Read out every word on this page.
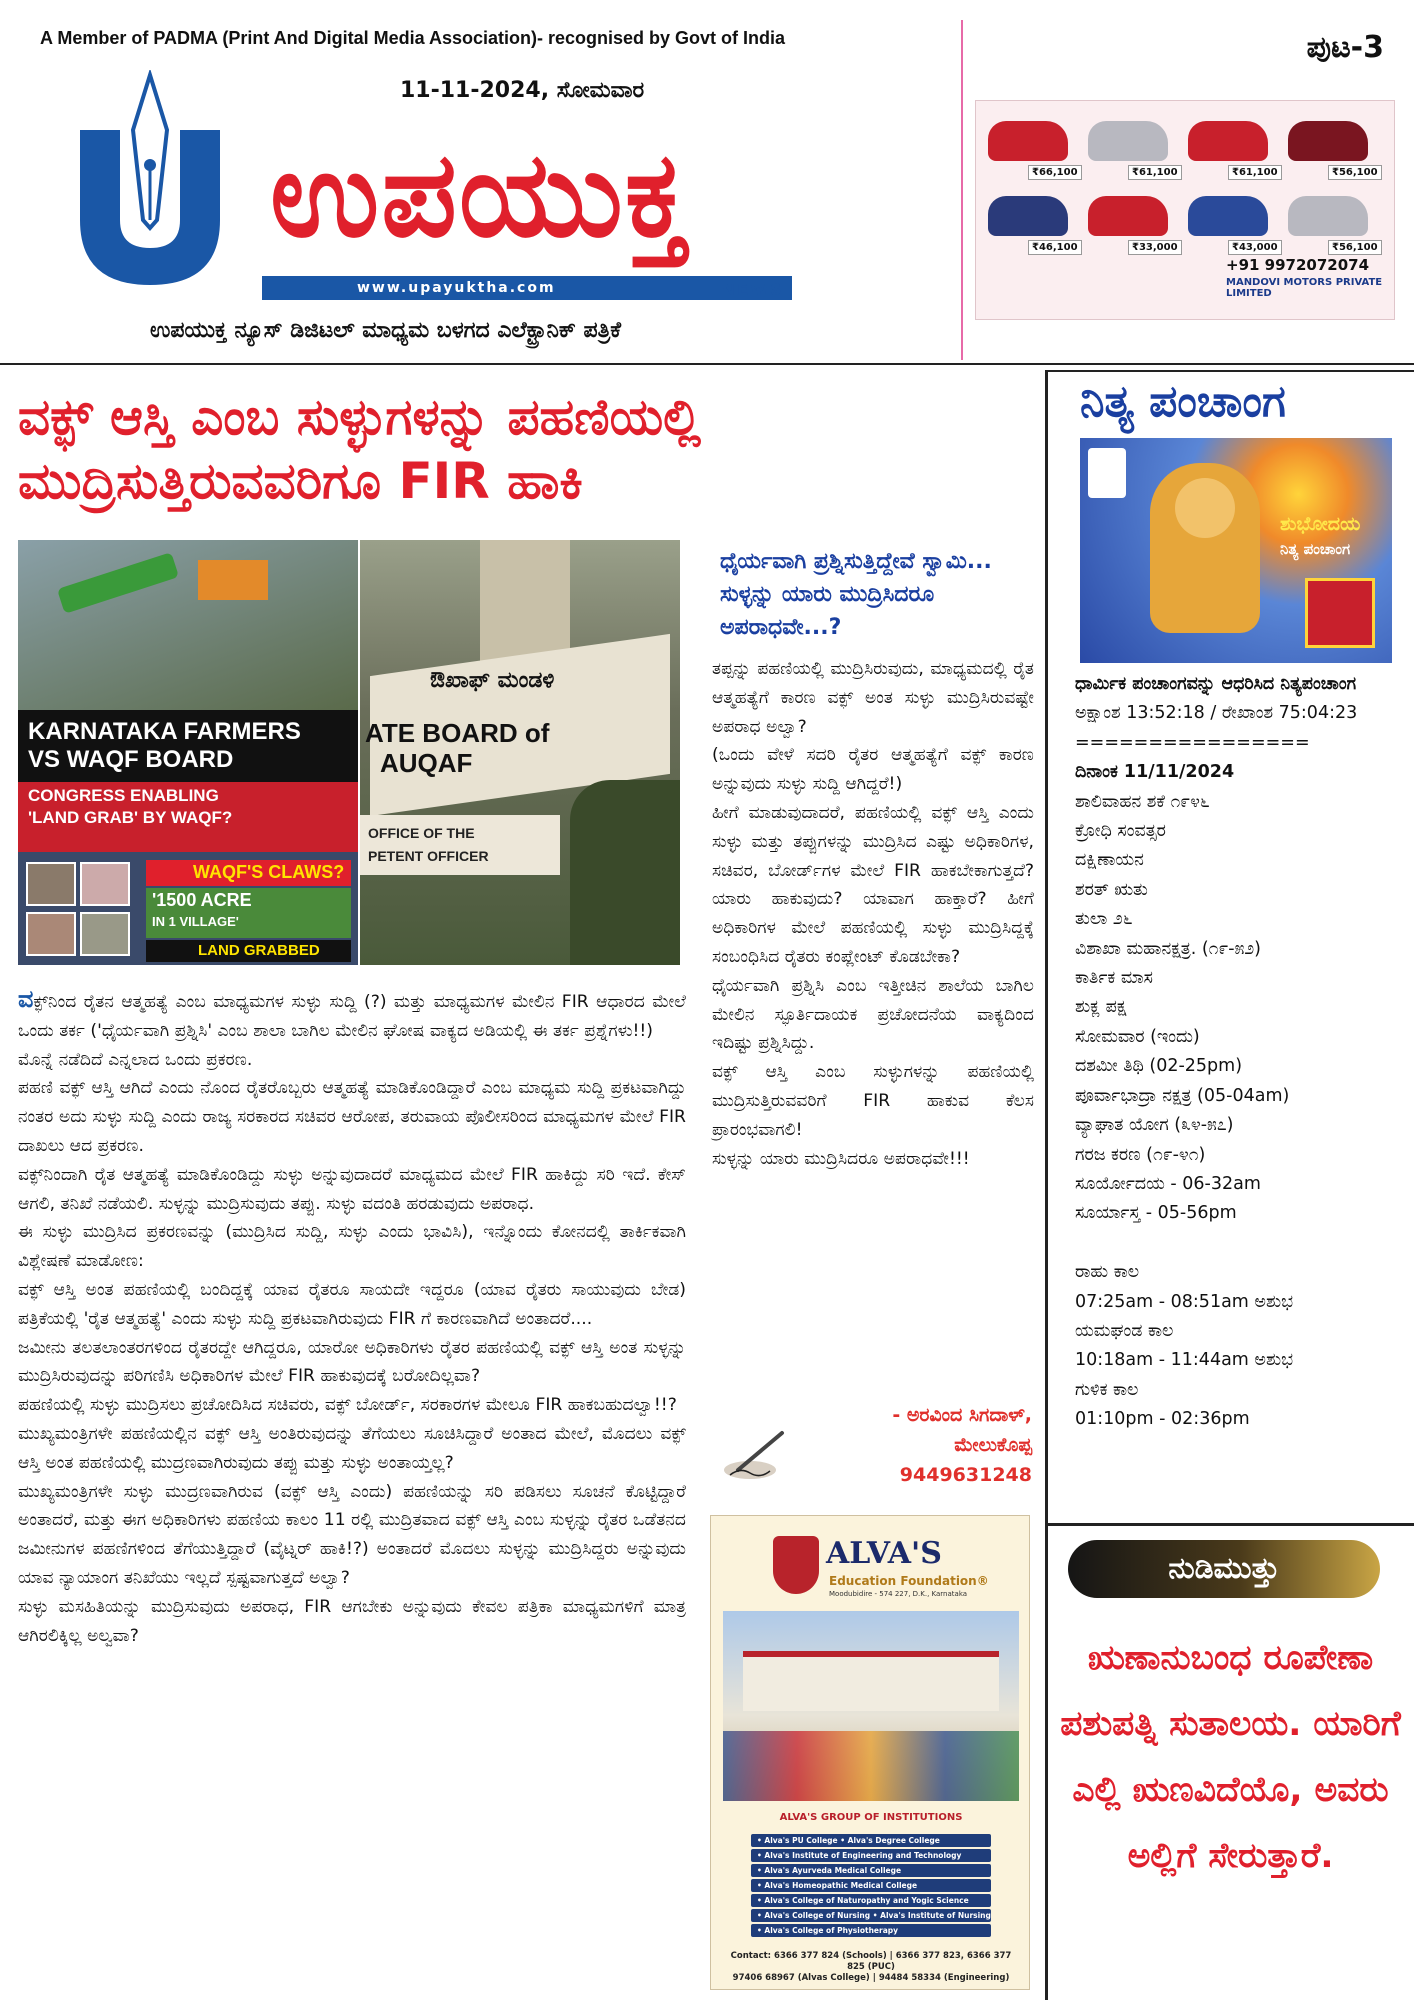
A Member of PADMA (Print And Digital Media Association)- recognised by Govt of India
11-11-2024, ಸೋಮವಾರ
ಪುಟ-3
ಉಪಯುಕ್ತ
www.upayuktha.com	NEWS
ಉಪಯುಕ್ತ ನ್ಯೂಸ್ ಡಿಜಿಟಲ್ ಮಾಧ್ಯಮ ಬಳಗದ ಎಲೆಕ್ಟ್ರಾನಿಕ್ ಪತ್ರಿಕೆ
₹66,100	₹61,100	₹61,100	₹56,100
₹46,100	₹33,000	₹43,000	₹56,100
+91 9972072074
MANDOVI MOTORS PRIVATE LIMITED
ವಕ್ಫ್ ಆಸ್ತಿ ಎಂಬ ಸುಳ್ಳುಗಳನ್ನು ಪಹಣಿಯಲ್ಲಿ
ಮುದ್ರಿಸುತ್ತಿರುವವರಿಗೂ FIR ಹಾಕಿ
KARNATAKA FARMERS
VS WAQF BOARD
CONGRESS ENABLING
'LAND GRAB' BY WAQF?
WAQF'S CLAWS?
'1500 ACRE
IN 1 VILLAGE'
LAND GRABBED
ಔಖಾಫ್ ಮಂಡಳಿ
ATE BOARD of
AUQAF
OFFICE OF THE
PETENT OFFICER

ವಕ್ಫ್‌ನಿಂದ ರೈತನ ಆತ್ಮಹತ್ಯೆ ಎಂಬ ಮಾಧ್ಯಮಗಳ ಸುಳ್ಳು ಸುದ್ದಿ (?) ಮತ್ತು ಮಾಧ್ಯಮಗಳ ಮೇಲಿನ FIR ಆಧಾರದ ಮೇಲೆ ಒಂದು ತರ್ಕ ('ಧೈರ್ಯವಾಗಿ ಪ್ರಶ್ನಿಸಿ' ಎಂಬ ಶಾಲಾ ಬಾಗಿಲ ಮೇಲಿನ ಘೋಷ ವಾಕ್ಯದ ಅಡಿಯಲ್ಲಿ ಈ ತರ್ಕ ಪ್ರಶ್ನೆಗಳು!!)

ಮೊನ್ನೆ ನಡೆದಿದೆ ಎನ್ನಲಾದ ಒಂದು ಪ್ರಕರಣ.

ಪಹಣಿ ವಕ್ಫ್ ಆಸ್ತಿ ಆಗಿದೆ ಎಂದು ನೊಂದ ರೈತರೊಬ್ಬರು ಆತ್ಮಹತ್ಯೆ ಮಾಡಿಕೊಂಡಿದ್ದಾರೆ ಎಂಬ ಮಾಧ್ಯಮ ಸುದ್ದಿ ಪ್ರಕಟವಾಗಿದ್ದು ನಂತರ ಅದು ಸುಳ್ಳು ಸುದ್ದಿ ಎಂದು ರಾಜ್ಯ ಸರಕಾರದ ಸಚಿವರ ಆರೋಪ, ತರುವಾಯ ಪೊಲೀಸರಿಂದ ಮಾಧ್ಯಮಗಳ ಮೇಲೆ FIR ದಾಖಲು ಆದ ಪ್ರಕರಣ.

ವಕ್ಫ್‌ನಿಂದಾಗಿ ರೈತ ಆತ್ಮಹತ್ಯೆ ಮಾಡಿಕೊಂಡಿದ್ದು ಸುಳ್ಳು ಅನ್ನುವುದಾದರೆ ಮಾಧ್ಯಮದ ಮೇಲೆ FIR ಹಾಕಿದ್ದು ಸರಿ ಇದೆ. ಕೇಸ್ ಆಗಲಿ, ತನಿಖೆ ನಡೆಯಲಿ. ಸುಳ್ಳನ್ನು ಮುದ್ರಿಸುವುದು ತಪ್ಪು. ಸುಳ್ಳು ವದಂತಿ ಹರಡುವುದು ಅಪರಾಧ.

ಈ ಸುಳ್ಳು ಮುದ್ರಿಸಿದ ಪ್ರಕರಣವನ್ನು (ಮುದ್ರಿಸಿದ ಸುದ್ದಿ, ಸುಳ್ಳು ಎಂದು ಭಾವಿಸಿ), ಇನ್ನೊಂದು ಕೋನದಲ್ಲಿ ತಾರ್ಕಿಕವಾಗಿ ವಿಶ್ಲೇಷಣೆ ಮಾಡೋಣ:

ವಕ್ಫ್ ಆಸ್ತಿ ಅಂತ ಪಹಣಿಯಲ್ಲಿ ಬಂದಿದ್ದಕ್ಕೆ ಯಾವ ರೈತರೂ ಸಾಯದೇ ಇದ್ದರೂ (ಯಾವ ರೈತರು ಸಾಯುವುದು ಬೇಡ) ಪತ್ರಿಕೆಯಲ್ಲಿ 'ರೈತ ಆತ್ಮಹತ್ಯೆ' ಎಂದು ಸುಳ್ಳು ಸುದ್ದಿ ಪ್ರಕಟವಾಗಿರುವುದು FIR ಗೆ ಕಾರಣವಾಗಿದೆ ಅಂತಾದರೆ....

ಜಮೀನು ತಲತಲಾಂತರಗಳಿಂದ ರೈತರದ್ದೇ ಆಗಿದ್ದರೂ, ಯಾರೋ ಅಧಿಕಾರಿಗಳು ರೈತರ ಪಹಣಿಯಲ್ಲಿ ವಕ್ಫ್ ಆಸ್ತಿ ಅಂತ ಸುಳ್ಳನ್ನು ಮುದ್ರಿಸಿರುವುದನ್ನು ಪರಿಗಣಿಸಿ ಅಧಿಕಾರಿಗಳ ಮೇಲೆ FIR ಹಾಕುವುದಕ್ಕೆ ಬರೋದಿಲ್ಲವಾ?

ಪಹಣಿಯಲ್ಲಿ ಸುಳ್ಳು ಮುದ್ರಿಸಲು ಪ್ರಚೋದಿಸಿದ ಸಚಿವರು, ವಕ್ಫ್ ಬೋರ್ಡ್, ಸರಕಾರಗಳ ಮೇಲೂ FIR ಹಾಕಬಹುದಲ್ವಾ!!?

ಮುಖ್ಯಮಂತ್ರಿಗಳೇ ಪಹಣಿಯಲ್ಲಿನ ವಕ್ಫ್ ಆಸ್ತಿ ಅಂತಿರುವುದನ್ನು ತೆಗೆಯಲು ಸೂಚಿಸಿದ್ದಾರೆ ಅಂತಾದ ಮೇಲೆ, ಮೊದಲು ವಕ್ಫ್ ಆಸ್ತಿ ಅಂತ ಪಹಣಿಯಲ್ಲಿ ಮುದ್ರಣವಾಗಿರುವುದು ತಪ್ಪು ಮತ್ತು ಸುಳ್ಳು ಅಂತಾಯ್ತಲ್ಲ?

ಮುಖ್ಯಮಂತ್ರಿಗಳೇ ಸುಳ್ಳು ಮುದ್ರಣವಾಗಿರುವ (ವಕ್ಫ್ ಆಸ್ತಿ ಎಂದು) ಪಹಣಿಯನ್ನು ಸರಿ ಪಡಿಸಲು ಸೂಚನೆ ಕೊಟ್ಟಿದ್ದಾರೆ ಅಂತಾದರೆ, ಮತ್ತು ಈಗ ಅಧಿಕಾರಿಗಳು ಪಹಣಿಯ ಕಾಲಂ 11 ರಲ್ಲಿ ಮುದ್ರಿತವಾದ ವಕ್ಫ್ ಆಸ್ತಿ ಎಂಬ ಸುಳ್ಳನ್ನು ರೈತರ ಒಡೆತನದ ಜಮೀನುಗಳ ಪಹಣಿಗಳಿಂದ ತೆಗೆಯುತ್ತಿದ್ದಾರೆ (ವೈಟ್ನರ್ ಹಾಕಿ!?) ಅಂತಾದರೆ ಮೊದಲು ಸುಳ್ಳನ್ನು ಮುದ್ರಿಸಿದ್ದರು ಅನ್ನುವುದು ಯಾವ ನ್ಯಾಯಾಂಗ ತನಿಖೆಯು ಇಲ್ಲದೆ ಸ್ಪಷ್ಟವಾಗುತ್ತದೆ ಅಲ್ವಾ?

ಸುಳ್ಳು ಮಸಹಿತಿಯನ್ನು ಮುದ್ರಿಸುವುದು ಅಪರಾಧ, FIR ಆಗಬೇಕು ಅನ್ನುವುದು ಕೇವಲ ಪತ್ರಿಕಾ ಮಾಧ್ಯಮಗಳಿಗೆ ಮಾತ್ರ ಆಗಿರಲಿಕ್ಕಿಲ್ಲ ಅಲ್ವವಾ?

ಧೈರ್ಯವಾಗಿ ಪ್ರಶ್ನಿಸುತ್ತಿದ್ದೇವೆ ಸ್ವಾಮಿ... ಸುಳ್ಳನ್ನು ಯಾರು ಮುದ್ರಿಸಿದರೂ ಅಪರಾಧವೇ...?

ತಪ್ಪನ್ನು ಪಹಣಿಯಲ್ಲಿ ಮುದ್ರಿಸಿರುವುದು, ಮಾಧ್ಯಮದಲ್ಲಿ ರೈತ ಆತ್ಮಹತ್ಯೆಗೆ ಕಾರಣ ವಕ್ಫ್ ಅಂತ ಸುಳ್ಳು ಮುದ್ರಿಸಿರುವಷ್ಟೇ ಅಪರಾಧ ಅಲ್ವಾ?

(ಒಂದು ವೇಳೆ ಸದರಿ ರೈತರ ಆತ್ಮಹತ್ಯೆಗೆ ವಕ್ಫ್ ಕಾರಣ ಅನ್ನುವುದು ಸುಳ್ಳು ಸುದ್ದಿ ಆಗಿದ್ದರೆ!)

ಹೀಗೆ ಮಾಡುವುದಾದರೆ, ಪಹಣಿಯಲ್ಲಿ ವಕ್ಫ್ ಆಸ್ತಿ ಎಂದು ಸುಳ್ಳು ಮತ್ತು ತಪ್ಪುಗಳನ್ನು ಮುದ್ರಿಸಿದ ಎಷ್ಟು ಅಧಿಕಾರಿಗಳ, ಸಚಿವರ, ಬೋರ್ಡ್‌ಗಳ ಮೇಲೆ FIR ಹಾಕಬೇಕಾಗುತ್ತದೆ? ಯಾರು ಹಾಕುವುದು? ಯಾವಾಗ ಹಾಕ್ತಾರೆ? ಹೀಗೆ ಅಧಿಕಾರಿಗಳ ಮೇಲೆ ಪಹಣಿಯಲ್ಲಿ ಸುಳ್ಳು ಮುದ್ರಿಸಿದ್ದಕ್ಕೆ ಸಂಬಂಧಿಸಿದ ರೈತರು ಕಂಪ್ಲೇಂಟ್ ಕೊಡಬೇಕಾ?

ಧೈರ್ಯವಾಗಿ ಪ್ರಶ್ನಿಸಿ ಎಂಬ ಇತ್ತೀಚಿನ ಶಾಲೆಯ ಬಾಗಿಲ ಮೇಲಿನ ಸ್ಫೂರ್ತಿದಾಯಕ ಪ್ರಚೋದನೆಯ ವಾಕ್ಯದಿಂದ ಇದಿಷ್ಟು ಪ್ರಶ್ನಿಸಿದ್ದು.

ವಕ್ಫ್ ಆಸ್ತಿ ಎಂಬ ಸುಳ್ಳುಗಳನ್ನು ಪಹಣಿಯಲ್ಲಿ ಮುದ್ರಿಸುತ್ತಿರುವವರಿಗೆ FIR ಹಾಕುವ ಕೆಲಸ ಪ್ರಾರಂಭವಾಗಲಿ!

ಸುಳ್ಳನ್ನು ಯಾರು ಮುದ್ರಿಸಿದರೂ ಅಪರಾಧವೇ!!!

- ಅರವಿಂದ ಸಿಗದಾಳ್,
ಮೇಲುಕೊಪ್ಪ
9449631248
ALVA'S
Education Foundation®
Moodubidire - 574 227, D.K., Karnataka
ALVA'S GROUP OF INSTITUTIONS
• Alva's PU College • Alva's Degree College
• Alva's Institute of Engineering and Technology
• Alva's Ayurveda Medical College
• Alva's Homeopathic Medical College
• Alva's College of Naturopathy and Yogic Science
• Alva's College of Nursing • Alva's Institute of Nursing
• Alva's College of Physiotherapy
Contact: 6366 377 824 (Schools) | 6366 377 823, 6366 377 825 (PUC)
97406 68967 (Alvas College) | 94484 58334 (Engineering)
ನಿತ್ಯ ಪಂಚಾಂಗ
ಶುಭೋದಯ
ನಿತ್ಯ ಪಂಚಾಂಗ
ಧಾರ್ಮಿಕ ಪಂಚಾಂಗವನ್ನು ಆಧರಿಸಿದ ನಿತ್ಯಪಂಚಾಂಗ
ಅಕ್ಷಾಂಶ 13:52:18 / ರೇಖಾಂಶ 75:04:23
================
ದಿನಾಂಕ 11/11/2024
ಶಾಲಿವಾಹನ ಶಕೆ ೧೯೪೬
ಕ್ರೋಧಿ ಸಂವತ್ಸರ
ದಕ್ಷಿಣಾಯನ
ಶರತ್ ಋತು
ತುಲಾ ೨೬
ವಿಶಾಖಾ ಮಹಾನಕ್ಷತ್ರ. (೧೯-೫೨)
ಕಾರ್ತಿಕ ಮಾಸ
ಶುಕ್ಲ ಪಕ್ಷ
ಸೋಮವಾರ (ಇಂದು)
ದಶಮೀ ತಿಥಿ (02-25pm)
ಪೂರ್ವಾಭಾದ್ರಾ ನಕ್ಷತ್ರ (05-04am)
ವ್ಯಾಘಾತ ಯೋಗ (೩೪-೫೭)
ಗರಜ ಕರಣ (೧೯-೪೧)
ಸೂರ್ಯೋದಯ - 06-32am
ಸೂರ್ಯಾಸ್ತ - 05-56pm
ರಾಹು ಕಾಲ
07:25am - 08:51am ಅಶುಭ
ಯಮಘಂಡ ಕಾಲ
10:18am - 11:44am ಅಶುಭ
ಗುಳಿಕ ಕಾಲ
01:10pm - 02:36pm
ನುಡಿಮುತ್ತು
ಋಣಾನುಬಂಧ ರೂಪೇಣಾ ಪಶುಪತ್ನಿ ಸುತಾಲಯ. ಯಾರಿಗೆ ಎಲ್ಲಿ ಋಣವಿದೆಯೊ, ಅವರು ಅಲ್ಲಿಗೆ ಸೇರುತ್ತಾರೆ.
